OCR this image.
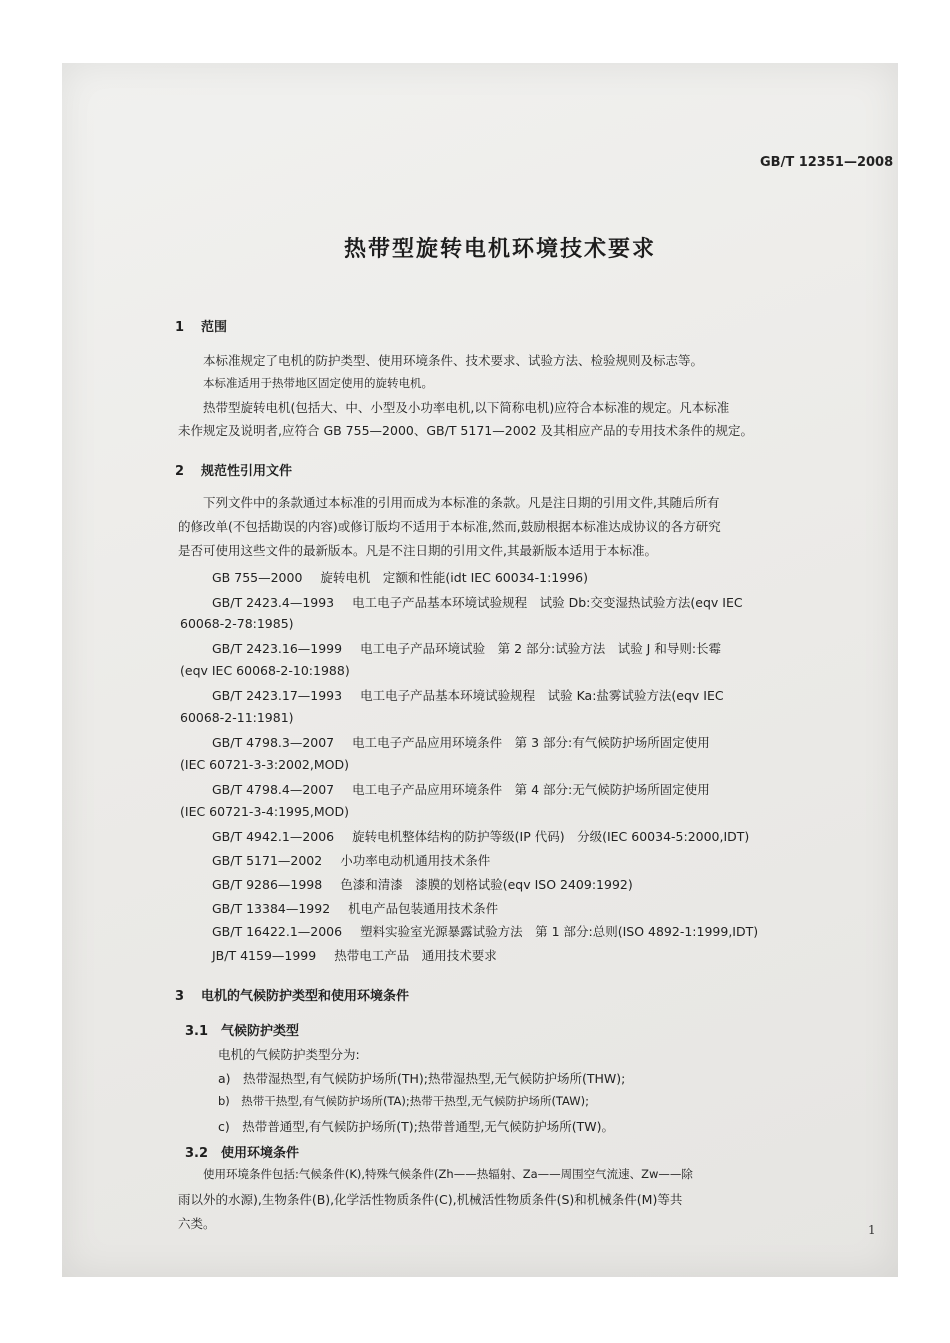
GB/T 12351—2008
热带型旋转电机环境技术要求
1 范围
本标准规定了电机的防护类型、使用环境条件、技术要求、试验方法、检验规则及标志等。
本标准适用于热带地区固定使用的旋转电机。
热带型旋转电机(包括大、中、小型及小功率电机,以下简称电机)应符合本标准的规定。凡本标准
未作规定及说明者,应符合 GB 755—2000、GB/T 5171—2002 及其相应产品的专用技术条件的规定。
2 规范性引用文件
下列文件中的条款通过本标准的引用而成为本标准的条款。凡是注日期的引用文件,其随后所有
的修改单(不包括勘误的内容)或修订版均不适用于本标准,然而,鼓励根据本标准达成协议的各方研究
是否可使用这些文件的最新版本。凡是不注日期的引用文件,其最新版本适用于本标准。
GB 755—2000 旋转电机　定额和性能(idt IEC 60034-1:1996)
GB/T 2423.4—1993 电工电子产品基本环境试验规程　试验 Db:交变湿热试验方法(eqv IEC
60068-2-78:1985)
GB/T 2423.16—1999 电工电子产品环境试验　第 2 部分:试验方法　试验 J 和导则:长霉
(eqv IEC 60068-2-10:1988)
GB/T 2423.17—1993 电工电子产品基本环境试验规程　试验 Ka:盐雾试验方法(eqv IEC
60068-2-11:1981)
GB/T 4798.3—2007 电工电子产品应用环境条件　第 3 部分:有气候防护场所固定使用
(IEC 60721-3-3:2002,MOD)
GB/T 4798.4—2007 电工电子产品应用环境条件　第 4 部分:无气候防护场所固定使用
(IEC 60721-3-4:1995,MOD)
GB/T 4942.1—2006 旋转电机整体结构的防护等级(IP 代码)　分级(IEC 60034-5:2000,IDT)
GB/T 5171—2002 小功率电动机通用技术条件
GB/T 9286—1998 色漆和清漆　漆膜的划格试验(eqv ISO 2409:1992)
GB/T 13384—1992 机电产品包装通用技术条件
GB/T 16422.1—2006 塑料实验室光源暴露试验方法　第 1 部分:总则(ISO 4892-1:1999,IDT)
JB/T 4159—1999 热带电工产品　通用技术要求
3 电机的气候防护类型和使用环境条件
3.1 气候防护类型
电机的气候防护类型分为:
a)　热带湿热型,有气候防护场所(TH);热带湿热型,无气候防护场所(THW);
b)　热带干热型,有气候防护场所(TA);热带干热型,无气候防护场所(TAW);
c)　热带普通型,有气候防护场所(T);热带普通型,无气候防护场所(TW)。
3.2 使用环境条件
使用环境条件包括:气候条件(K),特殊气候条件(Zh——热辐射、Za——周围空气流速、Zw——除
雨以外的水源),生物条件(B),化学活性物质条件(C),机械活性物质条件(S)和机械条件(M)等共
六类。	1
